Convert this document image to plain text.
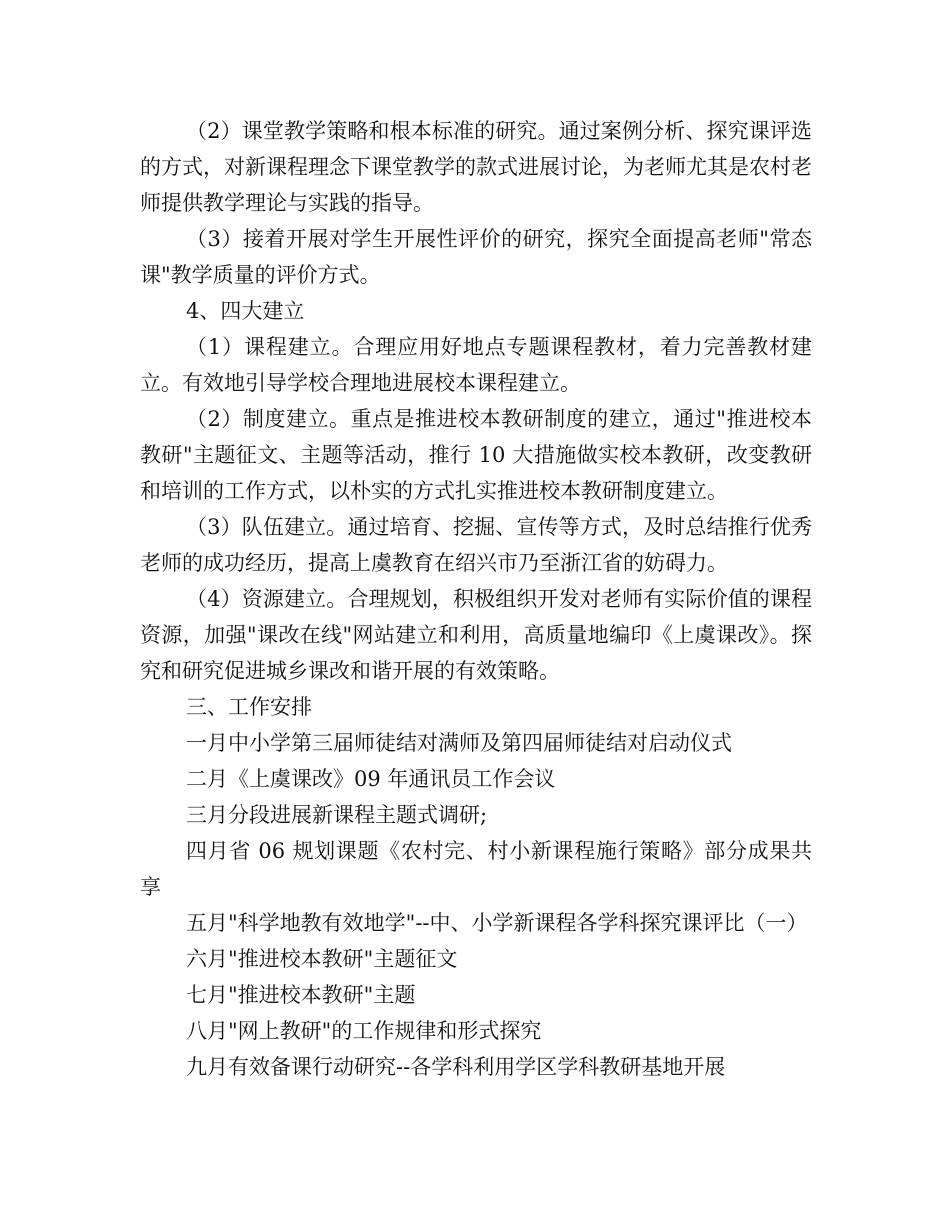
（2）课堂教学策略和根本标准的研究。通过案例分析、探究课评选的方式，对新课程理念下课堂教学的款式进展讨论，为老师尤其是农村老师提供教学理论与实践的指导。

（3）接着开展对学生开展性评价的研究，探究全面提高老师"常态课"教学质量的评价方式。

4、四大建立

（1）课程建立。合理应用好地点专题课程教材，着力完善教材建立。有效地引导学校合理地进展校本课程建立。

（2）制度建立。重点是推进校本教研制度的建立，通过"推进校本教研"主题征文、主题等活动，推行 10 大措施做实校本教研，改变教研和培训的工作方式，以朴实的方式扎实推进校本教研制度建立。

（3）队伍建立。通过培育、挖掘、宣传等方式，及时总结推行优秀老师的成功经历，提高上虞教育在绍兴市乃至浙江省的妨碍力。

（4）资源建立。合理规划，积极组织开发对老师有实际价值的课程资源，加强"课改在线"网站建立和利用，高质量地编印《上虞课改》。探究和研究促进城乡课改和谐开展的有效策略。

三、工作安排

一月中小学第三届师徒结对满师及第四届师徒结对启动仪式

二月《上虞课改》09 年通讯员工作会议

三月分段进展新课程主题式调研;

四月省 06 规划课题《农村完、村小新课程施行策略》部分成果共享

五月"科学地教有效地学"--中、小学新课程各学科探究课评比（一）

六月"推进校本教研"主题征文

七月"推进校本教研"主题

八月"网上教研"的工作规律和形式探究

九月有效备课行动研究--各学科利用学区学科教研基地开展
